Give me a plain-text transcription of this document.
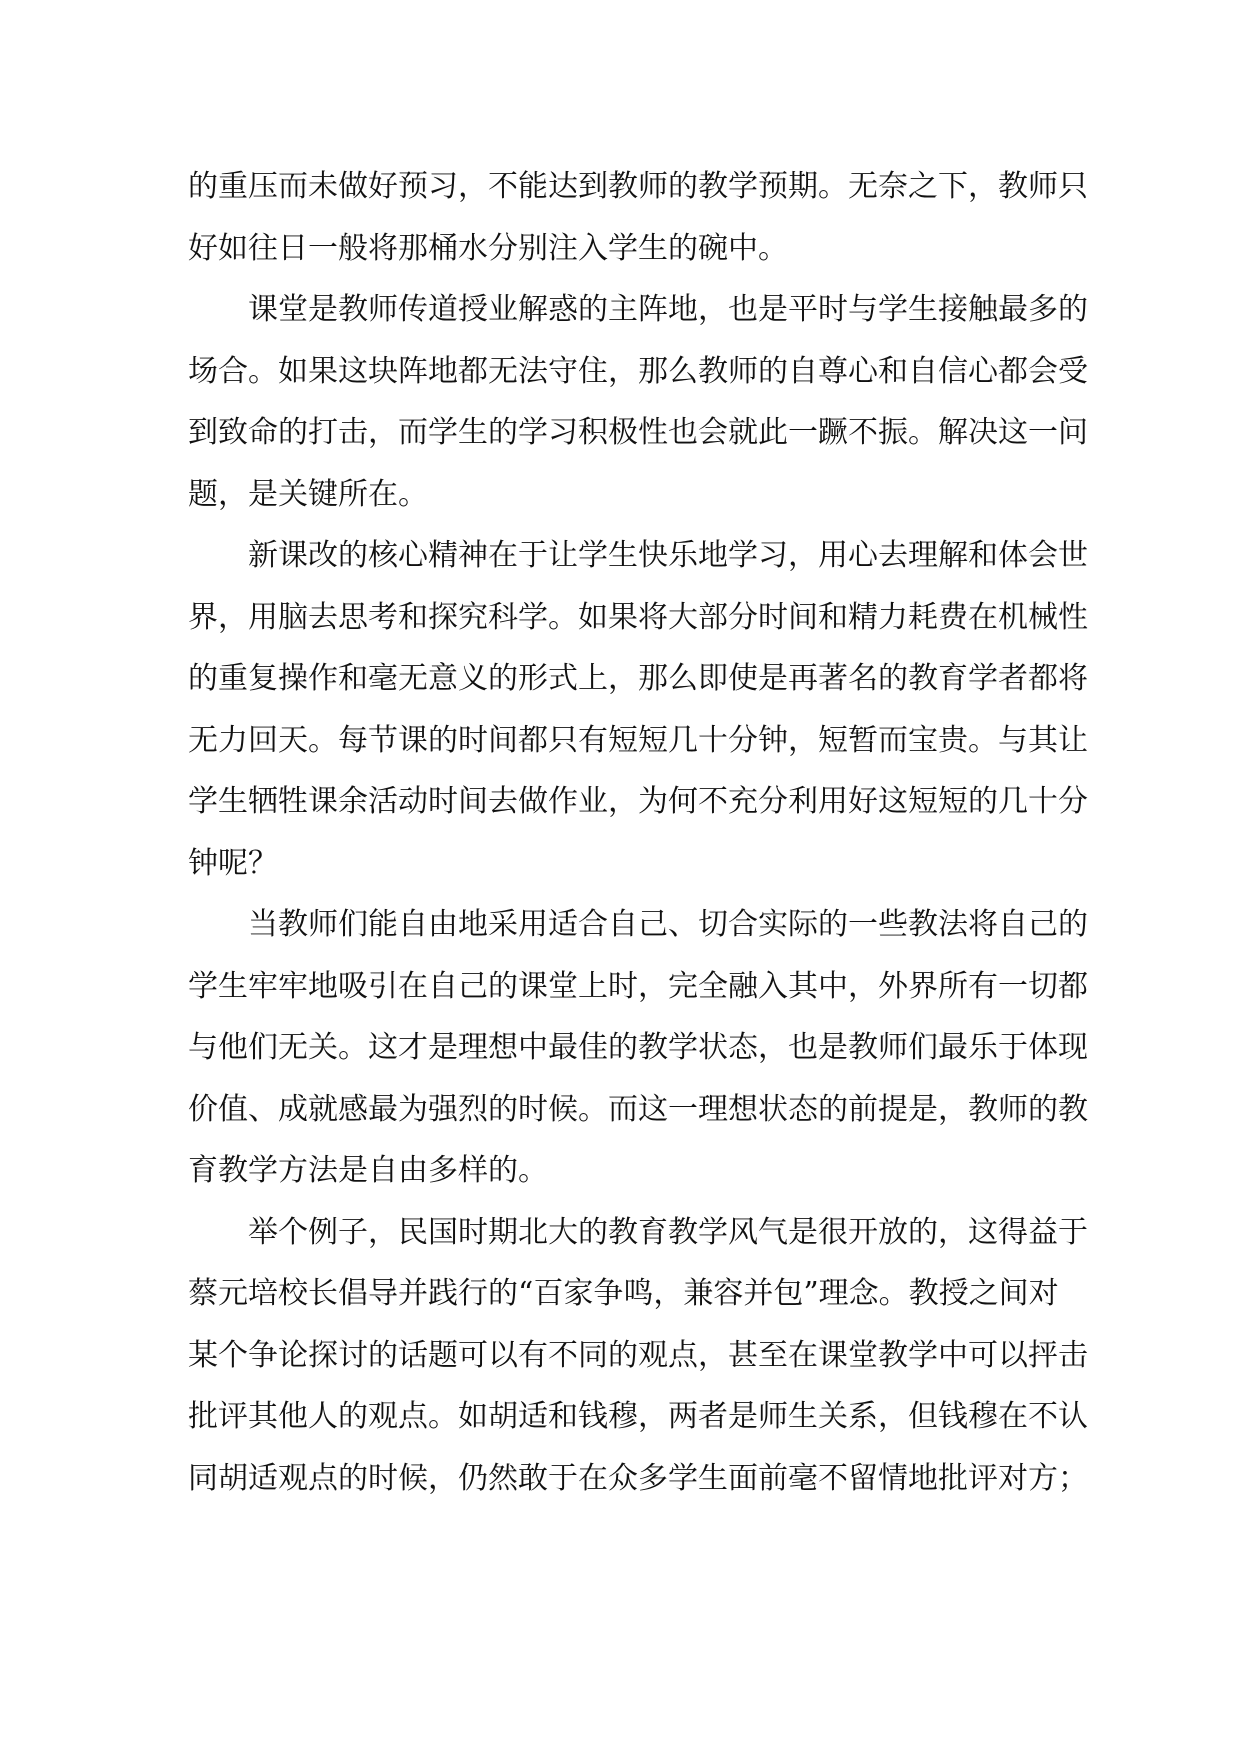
的重压而未做好预习，不能达到教师的教学预期。无奈之下，教师只
好如往日一般将那桶水分别注入学生的碗中。
　　课堂是教师传道授业解惑的主阵地，也是平时与学生接触最多的
场合。如果这块阵地都无法守住，那么教师的自尊心和自信心都会受
到致命的打击，而学生的学习积极性也会就此一蹶不振。解决这一问
题，是关键所在。
　　新课改的核心精神在于让学生快乐地学习，用心去理解和体会世
界，用脑去思考和探究科学。如果将大部分时间和精力耗费在机械性
的重复操作和毫无意义的形式上，那么即使是再著名的教育学者都将
无力回天。每节课的时间都只有短短几十分钟，短暂而宝贵。与其让
学生牺牲课余活动时间去做作业，为何不充分利用好这短短的几十分
钟呢？
　　当教师们能自由地采用适合自己、切合实际的一些教法将自己的
学生牢牢地吸引在自己的课堂上时，完全融入其中，外界所有一切都
与他们无关。这才是理想中最佳的教学状态，也是教师们最乐于体现
价值、成就感最为强烈的时候。而这一理想状态的前提是，教师的教
育教学方法是自由多样的。
　　举个例子，民国时期北大的教育教学风气是很开放的，这得益于
蔡元培校长倡导并践行的“百家争鸣，兼容并包”理念。教授之间对
某个争论探讨的话题可以有不同的观点，甚至在课堂教学中可以抨击
批评其他人的观点。如胡适和钱穆，两者是师生关系，但钱穆在不认
同胡适观点的时候，仍然敢于在众多学生面前毫不留情地批评对方；
